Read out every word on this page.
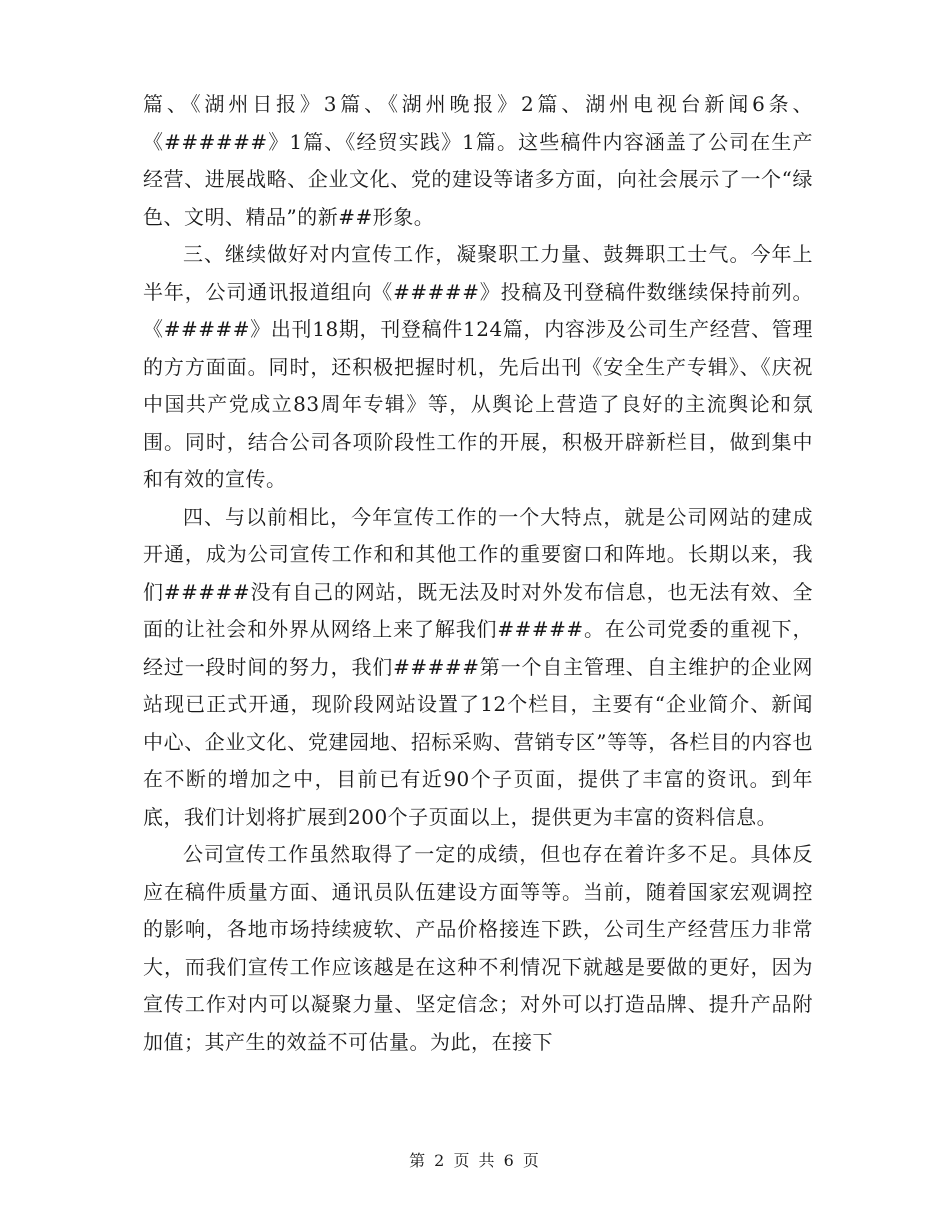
篇、《湖州日报》3篇、《湖州晚报》2篇、湖州电视台新闻6条、《######》1篇、《经贸实践》1篇。这些稿件内容涵盖了公司在生产经营、进展战略、企业文化、党的建设等诸多方面，向社会展示了一个“绿色、文明、精品”的新##形象。

三、继续做好对内宣传工作，凝聚职工力量、鼓舞职工士气。今年上半年，公司通讯报道组向《#####》投稿及刊登稿件数继续保持前列。《#####》出刊18期，刊登稿件124篇，内容涉及公司生产经营、管理的方方面面。同时，还积极把握时机，先后出刊《安全生产专辑》、《庆祝中国共产党成立83周年专辑》等，从舆论上营造了良好的主流舆论和氛围。同时，结合公司各项阶段性工作的开展，积极开辟新栏目，做到集中和有效的宣传。

四、与以前相比，今年宣传工作的一个大特点，就是公司网站的建成开通，成为公司宣传工作和和其他工作的重要窗口和阵地。长期以来，我们#####没有自己的网站，既无法及时对外发布信息，也无法有效、全面的让社会和外界从网络上来了解我们#####。在公司党委的重视下，经过一段时间的努力，我们#####第一个自主管理、自主维护的企业网站现已正式开通，现阶段网站设置了12个栏目，主要有“企业简介、新闻中心、企业文化、党建园地、招标采购、营销专区”等等，各栏目的内容也在不断的增加之中，目前已有近90个子页面，提供了丰富的资讯。到年底，我们计划将扩展到200个子页面以上，提供更为丰富的资料信息。

公司宣传工作虽然取得了一定的成绩，但也存在着许多不足。具体反应在稿件质量方面、通讯员队伍建设方面等等。当前，随着国家宏观调控的影响，各地市场持续疲软、产品价格接连下跌，公司生产经营压力非常大，而我们宣传工作应该越是在这种不利情况下就越是要做的更好，因为宣传工作对内可以凝聚力量、坚定信念；对外可以打造品牌、提升产品附加值；其产生的效益不可估量。为此，在接下

第 2 页 共 6 页
